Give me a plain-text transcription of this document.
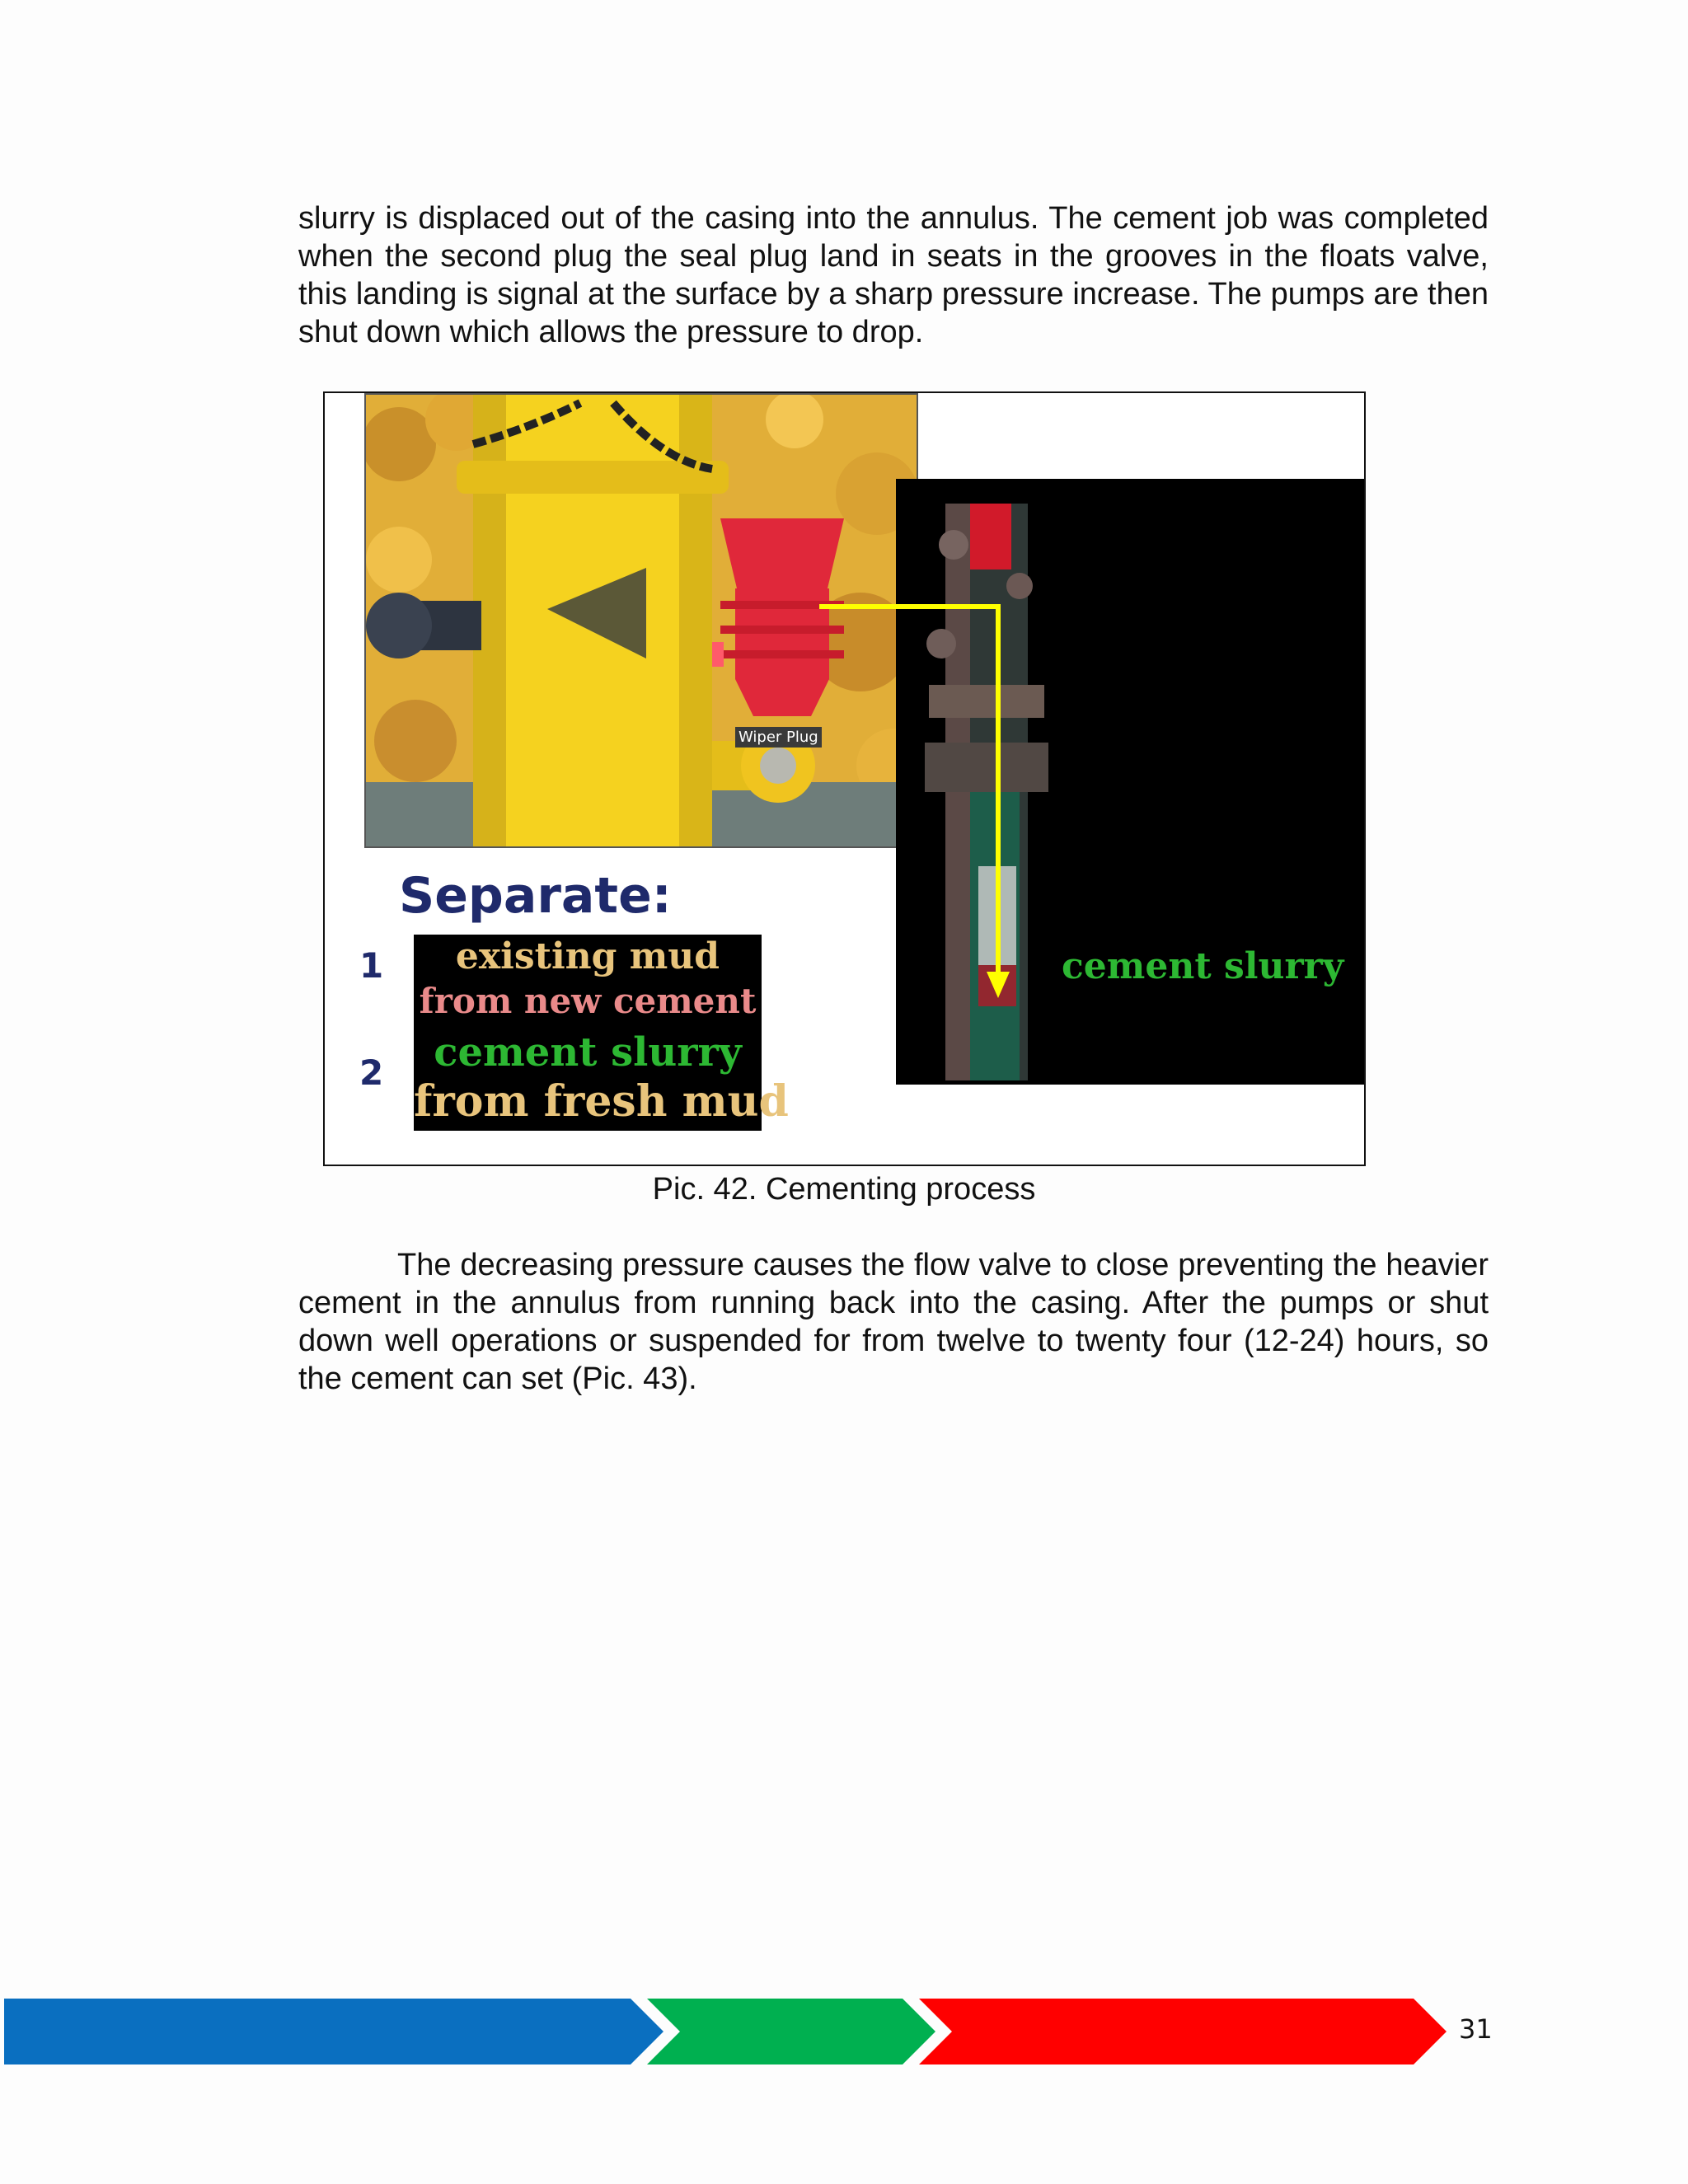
slurry is displaced out of the casing into the annulus. The cement job was completed when the second plug the seal plug land in seats in the grooves in the floats valve, this landing is signal at the surface by a sharp pressure increase. The pumps are then shut down which allows the pressure to drop.

Wiper Plug
Separate:
1
2
existing mud
from new cement
cement slurry
from fresh mud
cement slurry
Pic. 42. Cementing process

The decreasing pressure causes the flow valve to close preventing the heavier cement in the annulus from running back into the casing. After the pumps or shut down well operations or suspended for from twelve to twenty four (12-24) hours, so the cement can set (Pic. 43).

31
